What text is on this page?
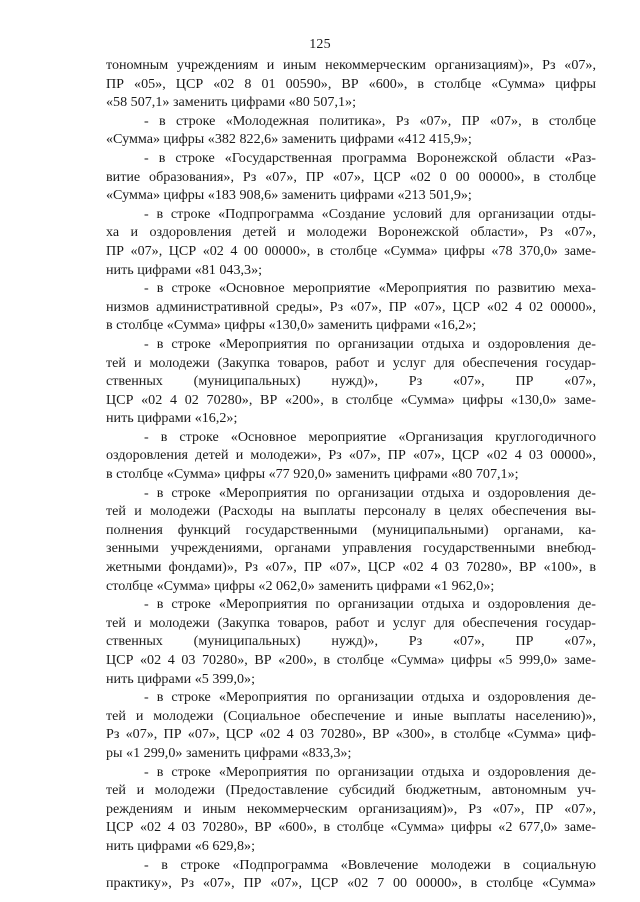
125
тономным учреждениям и иным некоммерческим организациям)», Рз «07»,
ПР «05», ЦСР «02 8 01 00590», ВР «600», в столбце «Сумма» цифры
«58 507,1» заменить цифрами «80 507,1»;
- в строке «Молодежная политика», Рз «07», ПР «07», в столбце
«Сумма» цифры «382 822,6» заменить цифрами «412 415,9»;
- в строке «Государственная программа Воронежской области «Раз-
витие образования», Рз «07», ПР «07», ЦСР «02 0 00 00000», в столбце
«Сумма» цифры «183 908,6» заменить цифрами «213 501,9»;
- в строке «Подпрограмма «Создание условий для организации отды-
ха и оздоровления детей и молодежи Воронежской области», Рз «07»,
ПР «07», ЦСР «02 4 00 00000», в столбце «Сумма» цифры «78 370,0» заме-
нить цифрами «81 043,3»;
- в строке «Основное мероприятие «Мероприятия по развитию меха-
низмов административной среды», Рз «07», ПР «07», ЦСР «02 4 02 00000»,
в столбце «Сумма» цифры «130,0» заменить цифрами «16,2»;
- в строке «Мероприятия по организации отдыха и оздоровления де-
тей и молодежи (Закупка товаров, работ и услуг для обеспечения государ-
ственных (муниципальных) нужд)», Рз «07», ПР «07»,
ЦСР «02 4 02 70280», ВР «200», в столбце «Сумма» цифры «130,0» заме-
нить цифрами «16,2»;
- в строке «Основное мероприятие «Организация круглогодичного
оздоровления детей и молодежи», Рз «07», ПР «07», ЦСР «02 4 03 00000»,
в столбце «Сумма» цифры «77 920,0» заменить цифрами «80 707,1»;
- в строке «Мероприятия по организации отдыха и оздоровления де-
тей и молодежи (Расходы на выплаты персоналу в целях обеспечения вы-
полнения функций государственными (муниципальными) органами, ка-
зенными учреждениями, органами управления государственными внебюд-
жетными фондами)», Рз «07», ПР «07», ЦСР «02 4 03 70280», ВР «100», в
столбце «Сумма» цифры «2 062,0» заменить цифрами «1 962,0»;
- в строке «Мероприятия по организации отдыха и оздоровления де-
тей и молодежи (Закупка товаров, работ и услуг для обеспечения государ-
ственных (муниципальных) нужд)», Рз «07», ПР «07»,
ЦСР «02 4 03 70280», ВР «200», в столбце «Сумма» цифры «5 999,0» заме-
нить цифрами «5 399,0»;
- в строке «Мероприятия по организации отдыха и оздоровления де-
тей и молодежи (Социальное обеспечение и иные выплаты населению)»,
Рз «07», ПР «07», ЦСР «02 4 03 70280», ВР «300», в столбце «Сумма» циф-
ры «1 299,0» заменить цифрами «833,3»;
- в строке «Мероприятия по организации отдыха и оздоровления де-
тей и молодежи (Предоставление субсидий бюджетным, автономным уч-
реждениям и иным некоммерческим организациям)», Рз «07», ПР «07»,
ЦСР «02 4 03 70280», ВР «600», в столбце «Сумма» цифры «2 677,0» заме-
нить цифрами «6 629,8»;
- в строке «Подпрограмма «Вовлечение молодежи в социальную
практику», Рз «07», ПР «07», ЦСР «02 7 00 00000», в столбце «Сумма»
